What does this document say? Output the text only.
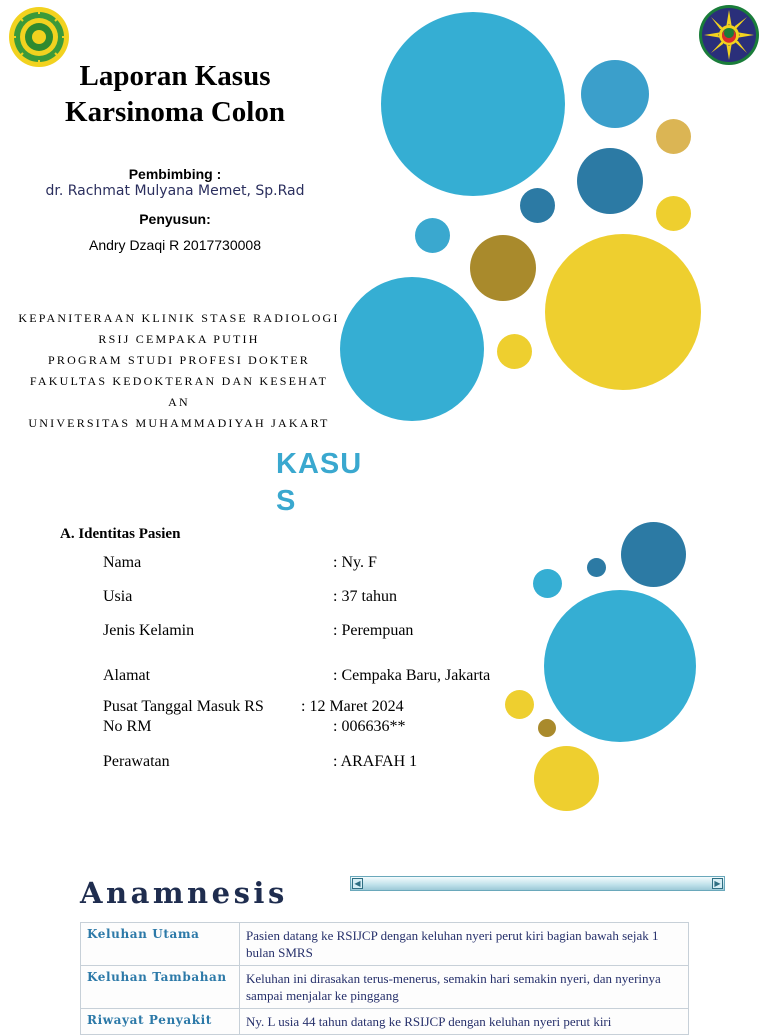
Laporan Kasus
Karsinoma Colon
Pembimbing :
dr. Rachmat Mulyana Memet, Sp.Rad
Penyusun:
Andry Dzaqi R 2017730008
KEPANITERAAN KLINIK STASE RADIOLOGI
RSIJ CEMPAKA PUTIH
PROGRAM STUDI PROFESI DOKTER
FAKULTAS KEDOKTERAN DAN KESEHAT
AN
UNIVERSITAS MUHAMMADIYAH JAKART
KASU
S
A. Identitas Pasien
Nama	: Ny. F
Usia	: 37 tahun
Jenis Kelamin	: Perempuan
Alamat	: Cempaka Baru, Jakarta
Pusat Tanggal Masuk RS : 12 Maret 2024
No RM	: 006636**
Perawatan	: ARAFAH 1
Anamnesis	◀	▶
Keluhan Utama	Pasien datang ke RSIJCP dengan keluhan nyeri perut kiri bagian bawah sejak 1 bulan SMRS
Keluhan Tambahan	Keluhan ini dirasakan terus-menerus, semakin hari semakin nyeri, dan nyerinya sampai menjalar ke pinggang
Riwayat Penyakit	Ny. L usia 44 tahun datang ke RSIJCP dengan keluhan nyeri perut kiri
